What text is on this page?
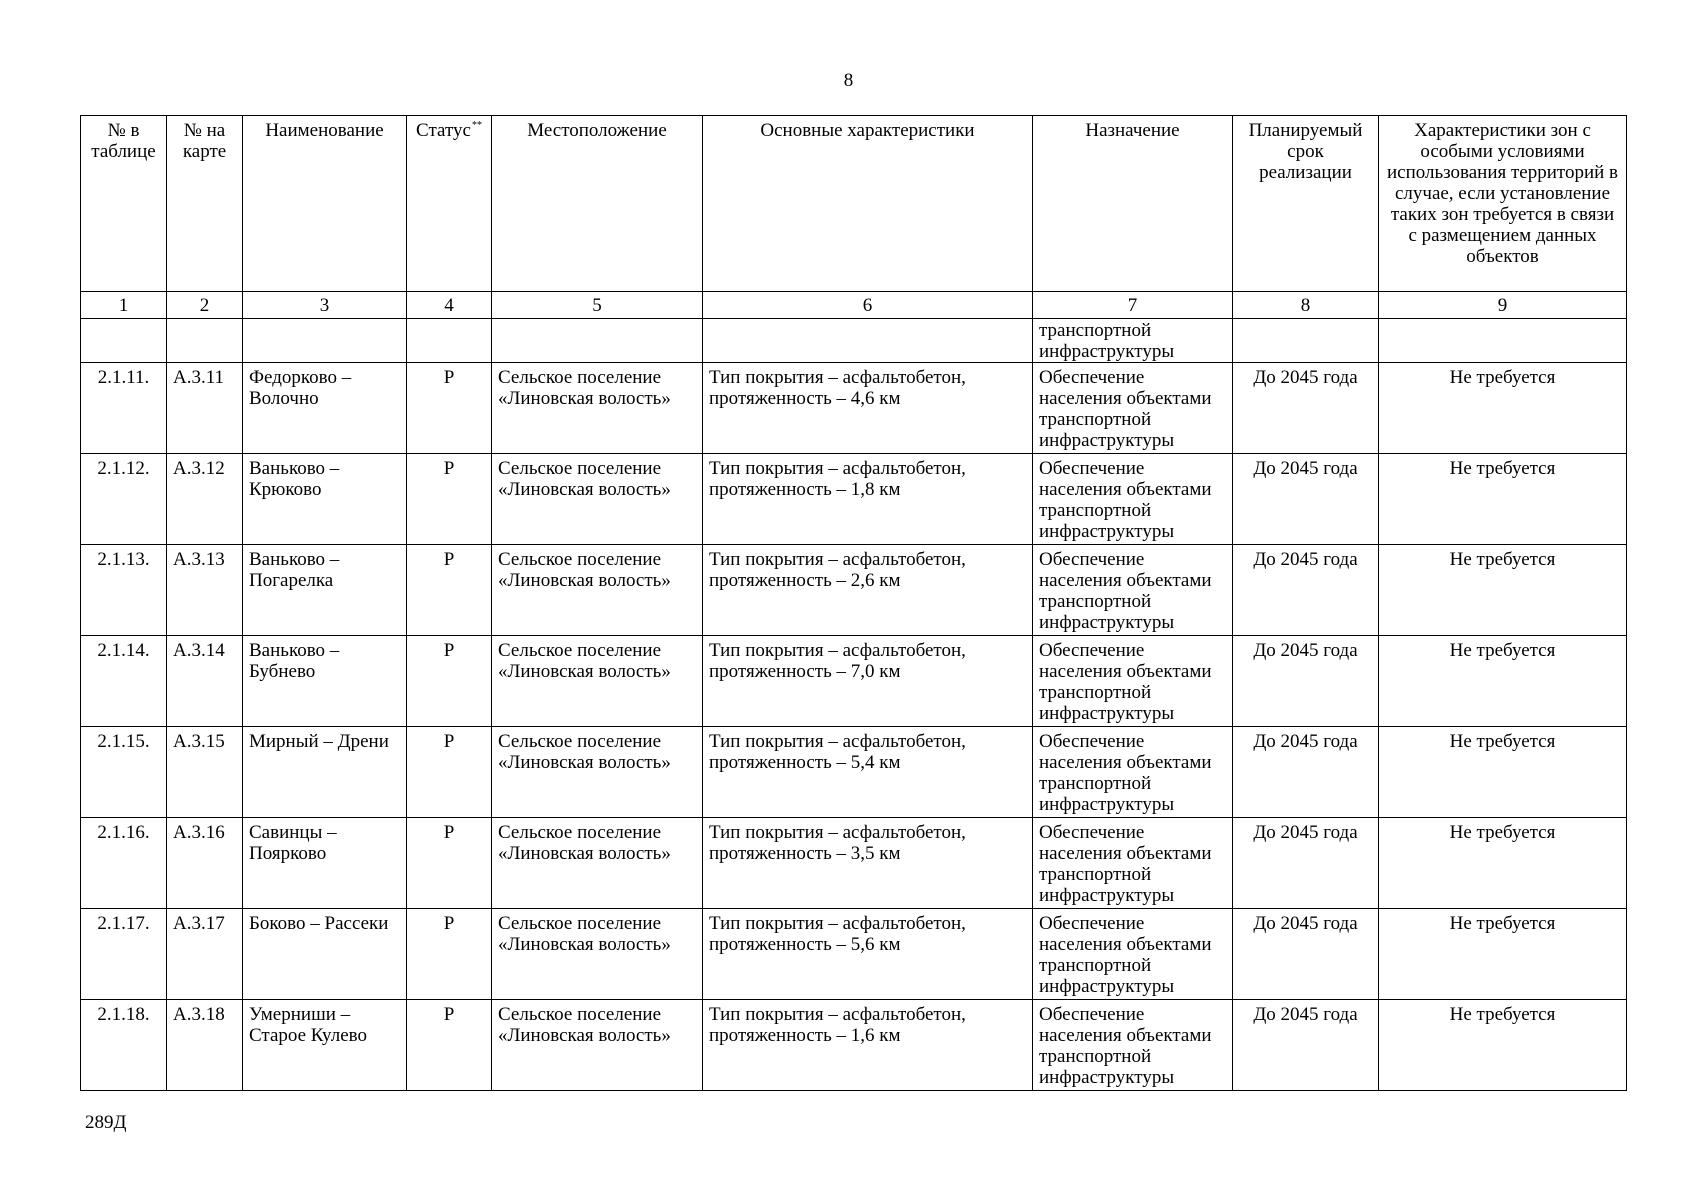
8
№ в таблице	№ на карте	Наименование	Статус**	Местоположение	Основные характеристики	Назначение	Планируемый срок реализации	Характеристики зон с особыми условиями использования территорий в случае, если установление таких зон требуется в связи с размещением данных объектов
1	2	3	4	5	6	7	8	9
						транспортной инфраструктуры		
2.1.11.	А.3.11	Федорково – Волочно	Р	Сельское поселение «Линовская волость»	Тип покрытия – асфальтобетон, протяженность – 4,6 км	Обеспечение населения объектами транспортной инфраструктуры	До 2045 года	Не требуется
2.1.12.	А.3.12	Ваньково – Крюково	Р	Сельское поселение «Линовская волость»	Тип покрытия – асфальтобетон, протяженность – 1,8 км	Обеспечение населения объектами транспортной инфраструктуры	До 2045 года	Не требуется
2.1.13.	А.3.13	Ваньково – Погарелка	Р	Сельское поселение «Линовская волость»	Тип покрытия – асфальтобетон, протяженность – 2,6 км	Обеспечение населения объектами транспортной инфраструктуры	До 2045 года	Не требуется
2.1.14.	А.3.14	Ваньково – Бубнево	Р	Сельское поселение «Линовская волость»	Тип покрытия – асфальтобетон, протяженность – 7,0 км	Обеспечение населения объектами транспортной инфраструктуры	До 2045 года	Не требуется
2.1.15.	А.3.15	Мирный – Дрени	Р	Сельское поселение «Линовская волость»	Тип покрытия – асфальтобетон, протяженность – 5,4 км	Обеспечение населения объектами транспортной инфраструктуры	До 2045 года	Не требуется
2.1.16.	А.3.16	Савинцы – Поярково	Р	Сельское поселение «Линовская волость»	Тип покрытия – асфальтобетон, протяженность – 3,5 км	Обеспечение населения объектами транспортной инфраструктуры	До 2045 года	Не требуется
2.1.17.	А.3.17	Боково – Рассеки	Р	Сельское поселение «Линовская волость»	Тип покрытия – асфальтобетон, протяженность – 5,6 км	Обеспечение населения объектами транспортной инфраструктуры	До 2045 года	Не требуется
2.1.18.	А.3.18	Умерниши – Старое Кулево	Р	Сельское поселение «Линовская волость»	Тип покрытия – асфальтобетон, протяженность – 1,6 км	Обеспечение населения объектами транспортной инфраструктуры	До 2045 года	Не требуется
289Д
